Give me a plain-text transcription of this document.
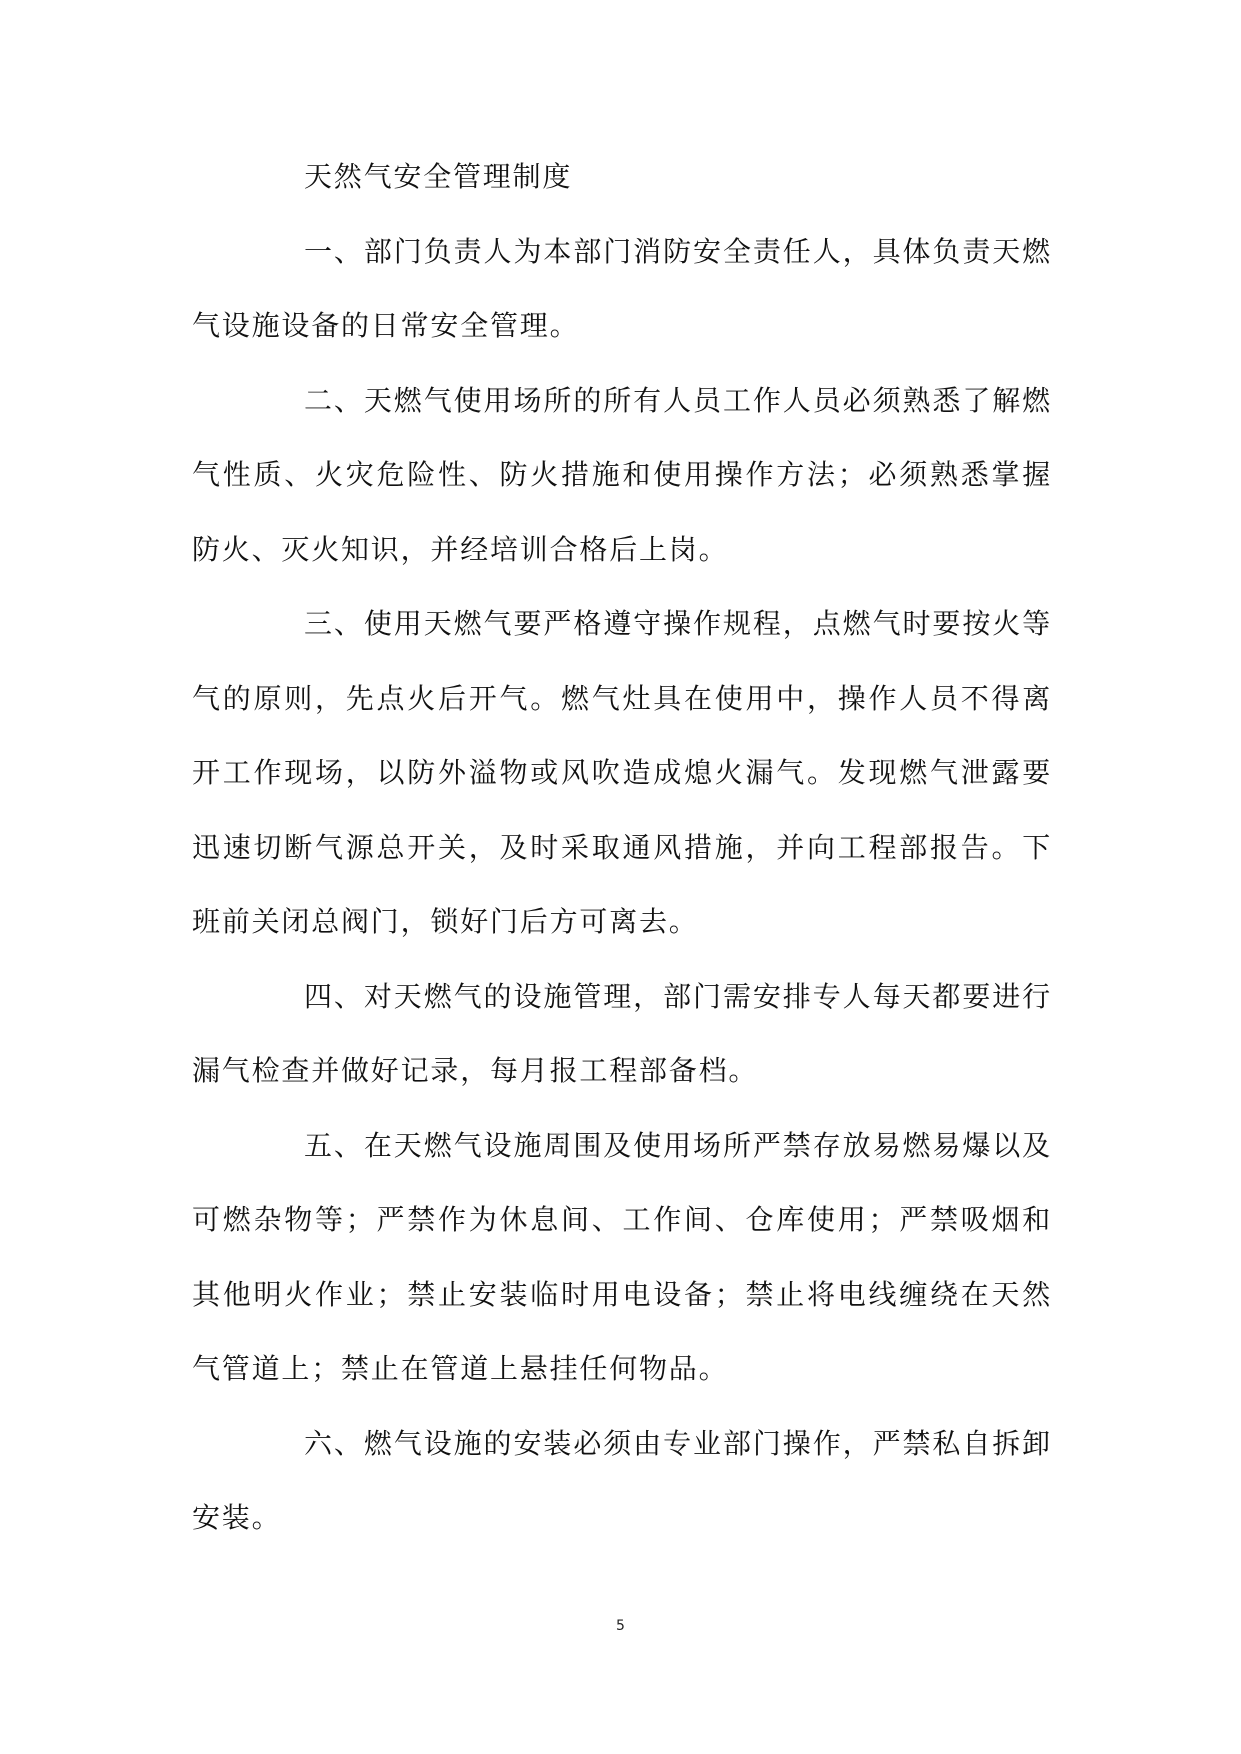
天然气安全管理制度

一、部门负责人为本部门消防安全责任人，具体负责天燃气设施设备的日常安全管理。

二、天燃气使用场所的所有人员工作人员必须熟悉了解燃气性质、火灾危险性、防火措施和使用操作方法；必须熟悉掌握防火、灭火知识，并经培训合格后上岗。

三、使用天燃气要严格遵守操作规程，点燃气时要按火等气的原则，先点火后开气。燃气灶具在使用中，操作人员不得离开工作现场，以防外溢物或风吹造成熄火漏气。发现燃气泄露要迅速切断气源总开关，及时采取通风措施，并向工程部报告。下班前关闭总阀门，锁好门后方可离去。

四、对天燃气的设施管理，部门需安排专人每天都要进行漏气检查并做好记录，每月报工程部备档。

五、在天燃气设施周围及使用场所严禁存放易燃易爆以及可燃杂物等；严禁作为休息间、工作间、仓库使用；严禁吸烟和其他明火作业；禁止安装临时用电设备；禁止将电线缠绕在天然气管道上；禁止在管道上悬挂任何物品。

六、燃气设施的安装必须由专业部门操作，严禁私自拆卸安装。

5
